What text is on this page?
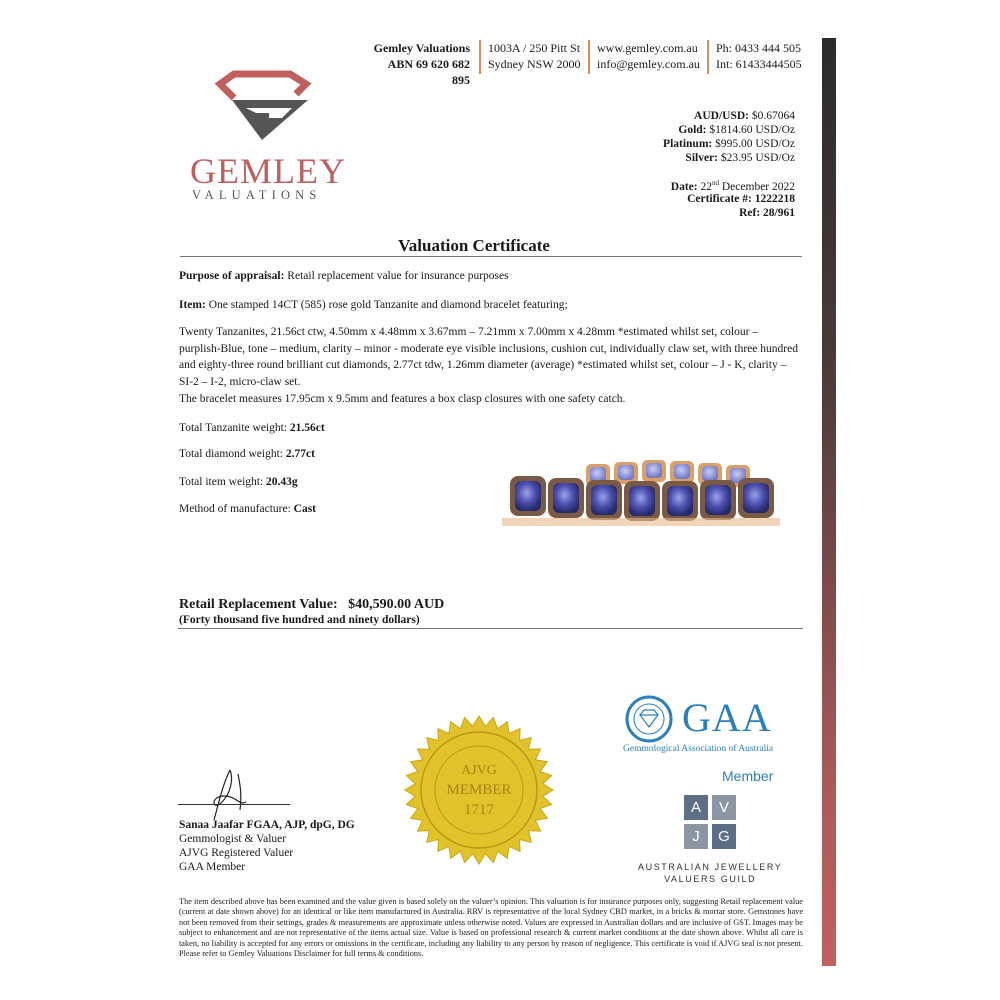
Gemley Valuations
ABN 69 620 682 895
1003A / 250 Pitt St
Sydney NSW 2000
www.gemley.com.au
info@gemley.com.au
Ph: 0433 444 505
Int: 61433444505
GEMLEY
VALUATIONS
AUD/USD: $0.67064
Gold: $1814.60 USD/Oz
Platinum: $995.00 USD/Oz
Silver: $23.95 USD/Oz
Date: 22nd December 2022
Certificate #: 1222218
Ref: 28/961
Valuation Certificate
Purpose of appraisal: Retail replacement value for insurance purposes
Item: One stamped 14CT (585) rose gold Tanzanite and diamond bracelet featuring;
Twenty Tanzanites, 21.56ct ctw, 4.50mm x 4.48mm x 3.67mm – 7.21mm x 7.00mm x 4.28mm *estimated whilst set, colour – purplish-Blue, tone – medium, clarity – minor - moderate eye visible inclusions, cushion cut, individually claw set, with three hundred and eighty-three round brilliant cut diamonds, 2.77ct tdw, 1.26mm diameter (average) *estimated whilst set, colour – J - K, clarity – SI-2 – I-2, micro-claw set.
The bracelet measures 17.95cm x 9.5mm and features a box clasp closures with one safety catch.
Total Tanzanite weight: 21.56ct
Total diamond weight: 2.77ct
Total item weight: 20.43g
Method of manufacture: Cast
Retail Replacement Value: $40,590.00 AUD
(Forty thousand five hundred and ninety dollars)
AJVG
MEMBER
1717
Sanaa Jaafar FGAA, AJP, dpG, DG
Gemmologist & Valuer
AJVG Registered Valuer
GAA Member
GAA
Gemmological Association of Australia
Member
A	V
J	G
AUSTRALIAN JEWELLERY
VALUERS GUILD
The item described above has been examined and the value given is based solely on the valuer’s opinion. This valuation is for insurance purposes only, suggesting Retail replacement value (current at date shown above) for an identical or like item manufactured in Australia. RRV is representative of the local Sydney CBD market, in a bricks & mortar store. Gemstones have not been removed from their settings, grades & measurements are approximate unless otherwise noted. Values are expressed in Australian dollars and are inclusive of GST. Images may be subject to enhancement and are not representative of the items actual size. Value is based on professional research & current market conditions at the date shown above. Whilst all care is taken, no liability is accepted for any errors or omissions in the certificate, including any liability to any person by reason of negligence. This certificate is void if AJVG seal is not present. Please refer to Gemley Valuations Disclaimer for full terms & conditions.
